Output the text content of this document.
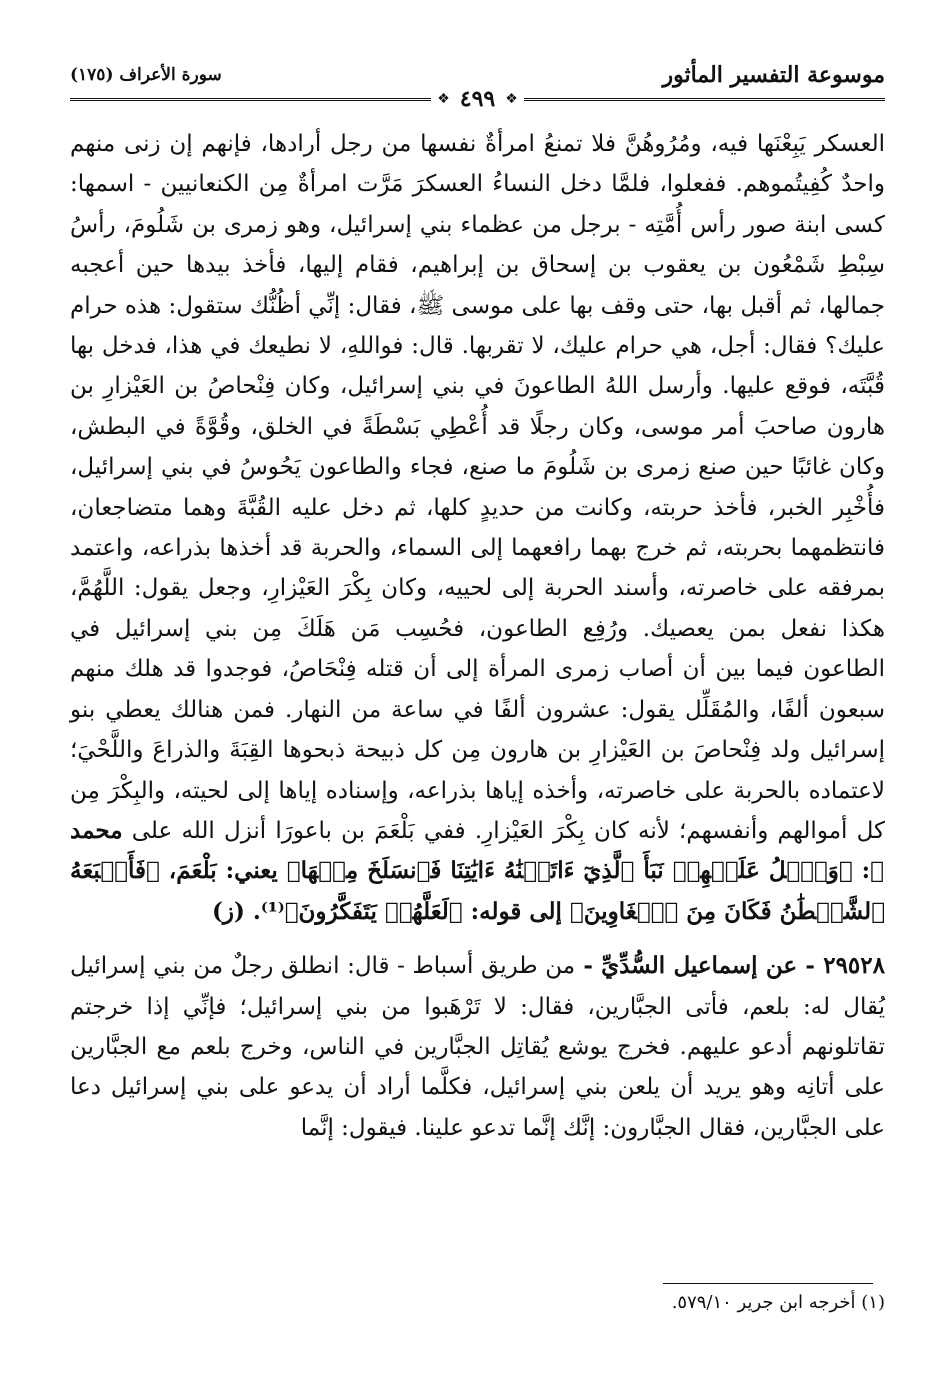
موسوعة التفسير المأثور
سورة الأعراف (١٧٥)
❖ ٤٩٩ ❖

العسكر يَبِعْنَها فيه، ومُرُوهُنَّ فلا تمنعُ امرأةٌ نفسها من رجل أرادها، فإنهم إن زنى منهم واحدٌ كُفِيتُموهم. ففعلوا، فلمَّا دخل النساءُ العسكرَ مَرَّت امرأةٌ مِن الكنعانيين - اسمها: كسى ابنة صور رأس أُمَّتِه - برجل من عظماء بني إسرائيل، وهو زمرى بن شَلُومَ، رأسُ سِبْطِ شَمْعُون بن يعقوب بن إسحاق بن إبراهيم، فقام إليها، فأخذ بيدها حين أعجبه جمالها، ثم أقبل بها، حتى وقف بها على موسى ﷺ، فقال: إنِّي أظُنُّك ستقول: هذه حرام عليك؟ فقال: أجل، هي حرام عليك، لا تقربها. قال: فواللهِ، لا نطيعك في هذا، فدخل بها قُبَّتَه، فوقع عليها. وأرسل اللهُ الطاعونَ في بني إسرائيل، وكان فِنْحاصُ بن العَيْزارِ بن هارون صاحبَ أمر موسى، وكان رجلًا قد أُعْطِي بَسْطَةً في الخلق، وقُوَّةً في البطش، وكان غائبًا حين صنع زمرى بن شَلُومَ ما صنع، فجاء والطاعون يَحُوسُ في بني إسرائيل، فأُخْبِر الخبر، فأخذ حربته، وكانت من حديدٍ كلها، ثم دخل عليه القُبَّةَ وهما متضاجعان، فانتظمهما بحربته، ثم خرج بهما رافعهما إلى السماء، والحربة قد أخذها بذراعه، واعتمد بمرفقه على خاصرته، وأسند الحربة إلى لحييه، وكان بِكْرَ العَيْزارِ، وجعل يقول: اللَّهُمَّ، هكذا نفعل بمن يعصيك. ورُفِع الطاعون، فحُسِب مَن هَلَكَ مِن بني إسرائيل في الطاعون فيما بين أن أصاب زمرى المرأة إلى أن قتله فِنْحَاصُ، فوجدوا قد هلك منهم سبعون ألفًا، والمُقَلِّل يقول: عشرون ألفًا في ساعة من النهار. فمن هنالك يعطي بنو إسرائيل ولد فِنْحاصَ بن العَيْزارِ بن هارون مِن كل ذبيحة ذبحوها القِبَةَ والذراعَ واللَّحْيَ؛ لاعتماده بالحربة على خاصرته، وأخذه إياها بذراعه، وإسناده إياها إلى لحيته، والبِكْرَ مِن كل أموالهم وأنفسهم؛ لأنه كان بِكْرَ العَيْزارِ. ففي بَلْعَمَ بن باعورَا أنزل الله على محمد ﷺ: ﴿وَٱتۡلُ عَلَيۡهِمۡ نَبَأَ ٱلَّذِيٓ ءَاتَيۡنَٰهُ ءَايَٰتِنَا فَٱنسَلَخَ مِنۡهَا﴾ يعني: بَلْعَمَ، ﴿فَأَتۡبَعَهُ ٱلشَّيۡطَٰنُ فَكَانَ مِنَ ٱلۡغَاوِينَ﴾ إلى قوله: ﴿لَعَلَّهُمۡ يَتَفَكَّرُونَ﴾⁽¹⁾. (ز)

٢٩٥٢٨ - عن إسماعيل السُّدِّيِّ - من طريق أسباط - قال: انطلق رجلٌ من بني إسرائيل يُقال له: بلعم، فأتى الجبَّارين، فقال: لا تَرْهَبوا من بني إسرائيل؛ فإنِّي إذا خرجتم تقاتلونهم أدعو عليهم. فخرج يوشع يُقاتِل الجبَّارين في الناس، وخرج بلعم مع الجبَّارين على أتانِه وهو يريد أن يلعن بني إسرائيل، فكلَّما أراد أن يدعو على بني إسرائيل دعا على الجبَّارين، فقال الجبَّارون: إنَّك إنَّما تدعو علينا. فيقول: إنَّما

(١) أخرجه ابن جرير ٥٧٩/١٠.
